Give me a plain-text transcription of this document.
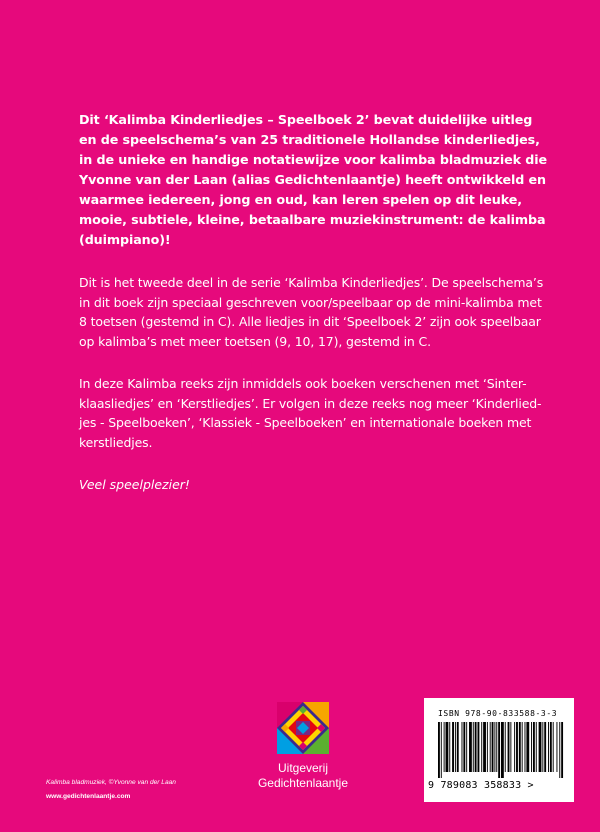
Dit ‘Kalimba Kinderliedjes – Speelboek 2’ bevat duidelijke uitleg en de speelschema’s van 25 traditionele Hollandse kinderliedjes, in de unieke en handige notatiewijze voor kalimba bladmuziek die Yvonne van der Laan (alias Gedichtenlaantje) heeft ontwikkeld en waarmee iedereen, jong en oud, kan leren spelen op dit leuke, mooie, subtiele, kleine, betaalbare muziekinstrument: de kalimba (duimpiano)!

Dit is het tweede deel in de serie ‘Kalimba Kinderliedjes’. De speelschema’s in dit boek zijn speciaal geschreven voor/speelbaar op de mini-kalimba met 8 toetsen (gestemd in C). Alle liedjes in dit ‘Speelboek 2’ zijn ook speelbaar op kalimba’s met meer toetsen (9, 10, 17), gestemd in C.

In deze Kalimba reeks zijn inmiddels ook boeken verschenen met ‘Sinter-klaasliedjes’ en ‘Kerstliedjes’. Er volgen in deze reeks nog meer ‘Kinderlied-jes - Speelboeken’, ‘Klassiek - Speelboeken’ en internationale boeken met kerstliedjes.

Veel speelplezier!

Uitgeverij
Gedichtenlaantje
Kalimba bladmuziek, ©Yvonne van der Laan
www.gedichtenlaantje.com
ISBN 978-90-833588-3-3
9 789083 358833 >
